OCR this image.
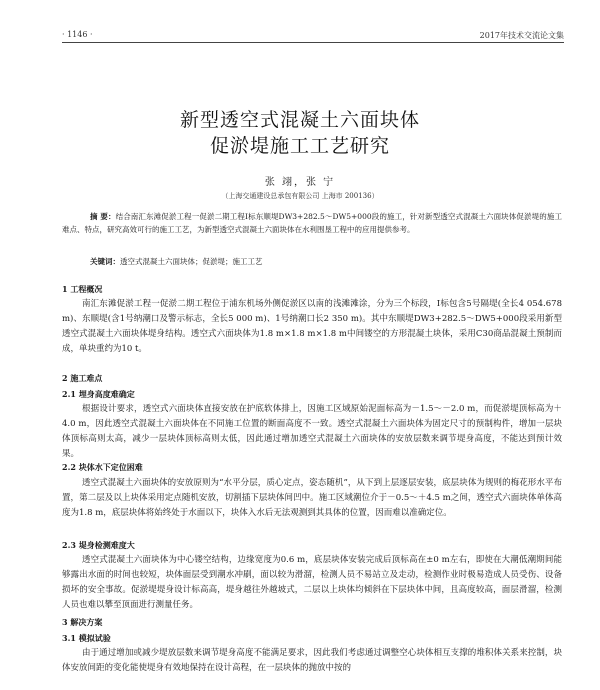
· 1146 ·	2017年技术交流论文集
新型透空式混凝土六面块体
促淤堤施工工艺研究
张 翊，张 宁
（上海交通建设总承包有限公司 上海市 200136）
摘 要：结合南汇东滩促淤工程一促淤二期工程Ⅰ标东顺堤DW3+282.5～DW5+000段的施工，针对新型透空式混凝土六面块体促淤堤的施工难点、特点，研究高效可行的施工工艺，为新型透空式混凝土六面块体在水利围垦工程中的应用提供参考。
关键词：透空式混凝土六面块体；促淤堤；施工工艺
1 工程概况
南汇东滩促淤工程一促淤二期工程位于浦东机场外侧促淤区以南的浅滩滩涂，分为三个标段，Ⅰ标包含5号隔堤(全长4 054.678 m)、东顺堤(含1号纳潮口及警示标志，全长5 000 m)、1号纳潮口长2 350 m)。其中东顺堤DW3+282.5～DW5+000段采用新型透空式混凝土六面块体堤身结构。透空式六面块体为1.8 m×1.8 m×1.8 m中间镂空的方形混凝土块体，采用C30商品混凝土预制而成，单块重约为10 t。
2 施工难点
2.1 埋身高度难确定
根据设计要求，透空式六面块体直接安放在护底软体排上，因施工区域原始泥面标高为－1.5～－2.0 m，而促淤堤顶标高为＋4.0 m，因此透空式混凝土六面块体在不同施工位置的断面高度不一致。透空式混凝土六面块体为固定尺寸的预制构件，增加一层块体顶标高则太高，减少一层块体顶标高则太低，因此通过增加透空式混凝土六面块体的安放层数来调节堤身高度，不能达到预计效果。
2.2 块体水下定位困难
透空式混凝土六面块体的安放原则为“水平分层，质心定点，姿态随机”，从下到上层逐层安装，底层块体为规则的梅花形水平布置，第二层及以上块体采用定点随机安放，切割插下层块体间凹中。施工区域潮位介于－0.5～＋4.5 m之间，透空式六面块体单体高度为1.8 m，底层块体将始终处于水面以下，块体入水后无法观测到其具体的位置，因而难以准确定位。
2.3 堤身检测难度大
透空式混凝土六面块体为中心镂空结构，边缘宽度为0.6 m，底层块体安装完成后顶标高在±0 m左右，即使在大潮低潮期间能够露出水面的时间也较短，块体面层受到潮水冲刷，面以较为滑溜，检测人员不易站立及走动，检测作业时极易造成人员受伤、设备损坏的安全事故。促淤堤堤身设计标高高，堤身越往外越坡式，二层以上块体均倾斜在下层块体中间，且高度较高，面层滑溜，检测人员也难以攀至顶面进行测量任务。
3 解决方案
3.1 模拟试验
由于通过增加或减少堤放层数来调节堤身高度不能满足要求，因此我们考虑通过调整空心块体相互支撑的堆积体关系来控制，块体安放间距的变化能使堤身有效地保持在设计高程，在一层块体的抛放中按的
